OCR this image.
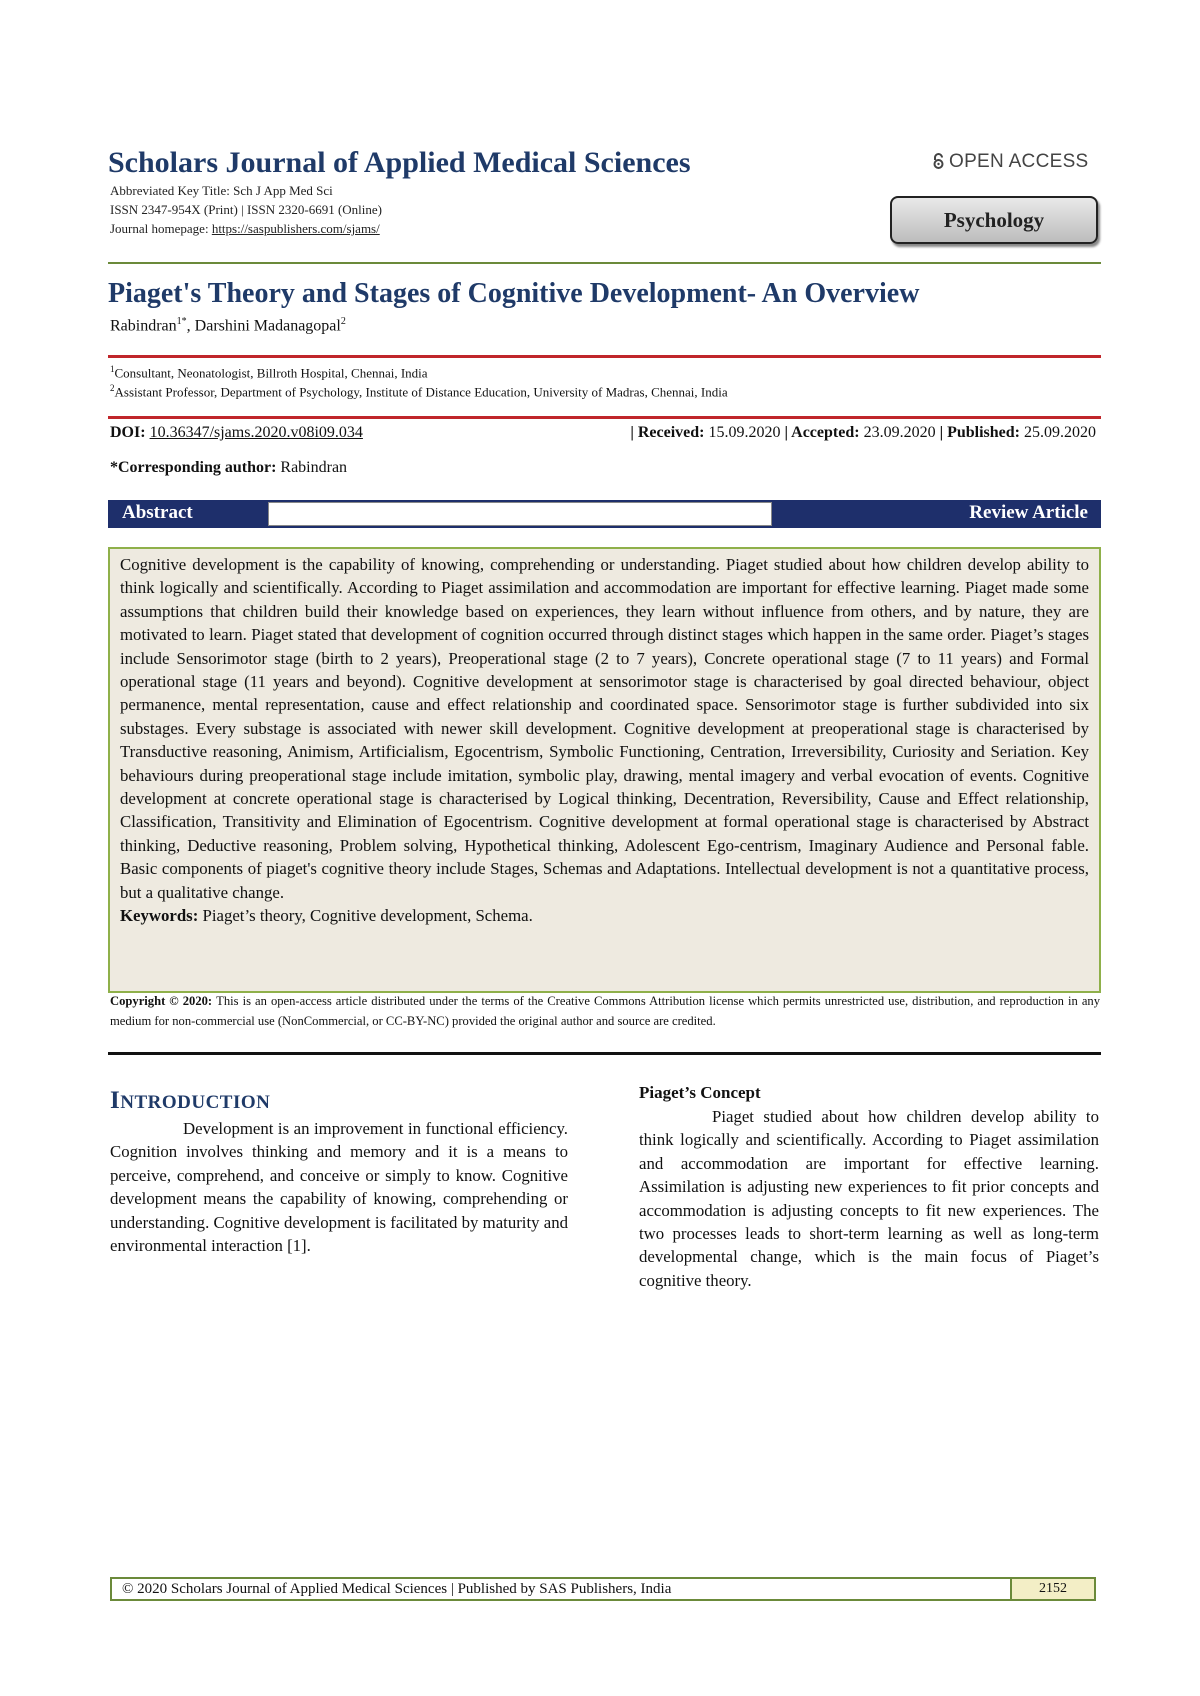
Scholars Journal of Applied Medical Sciences
Abbreviated Key Title: Sch J App Med Sci
ISSN 2347-954X (Print) | ISSN 2320-6691 (Online)
Journal homepage: https://saspublishers.com/sjams/
OPEN ACCESS
Psychology
Piaget's Theory and Stages of Cognitive Development- An Overview
Rabindran$^{1*}$, Darshini Madanagopal$^2$
$^1$Consultant, Neonatologist, Billroth Hospital, Chennai, India
$^2$Assistant Professor, Department of Psychology, Institute of Distance Education, University of Madras, Chennai, India
DOI: 10.36347/sjams.2020.v08i09.034	| Received: 15.09.2020 | Accepted: 23.09.2020 | Published: 25.09.2020
*Corresponding author: Rabindran
Abstract	Review Article

Cognitive development is the capability of knowing, comprehending or understanding. Piaget studied about how children develop ability to think logically and scientifically. According to Piaget assimilation and accommodation are important for effective learning. Piaget made some assumptions that children build their knowledge based on experiences, they learn without influence from others, and by nature, they are motivated to learn. Piaget stated that development of cognition occurred through distinct stages which happen in the same order. Piaget’s stages include Sensorimotor stage (birth to 2 years), Preoperational stage (2 to 7 years), Concrete operational stage (7 to 11 years) and Formal operational stage (11 years and beyond). Cognitive development at sensorimotor stage is characterised by goal directed behaviour, object permanence, mental representation, cause and effect relationship and coordinated space. Sensorimotor stage is further subdivided into six substages. Every substage is associated with newer skill development. Cognitive development at preoperational stage is characterised by Transductive reasoning, Animism, Artificialism, Egocentrism, Symbolic Functioning, Centration, Irreversibility, Curiosity and Seriation. Key behaviours during preoperational stage include imitation, symbolic play, drawing, mental imagery and verbal evocation of events. Cognitive development at concrete operational stage is characterised by Logical thinking, Decentration, Reversibility, Cause and Effect relationship, Classification, Transitivity and Elimination of Egocentrism. Cognitive development at formal operational stage is characterised by Abstract thinking, Deductive reasoning, Problem solving, Hypothetical thinking, Adolescent Ego-centrism, Imaginary Audience and Personal fable. Basic components of piaget's cognitive theory include Stages, Schemas and Adaptations. Intellectual development is not a quantitative process, but a qualitative change.

Keywords: Piaget’s theory, Cognitive development, Schema.

Copyright © 2020: This is an open-access article distributed under the terms of the Creative Commons Attribution license which permits unrestricted use, distribution, and reproduction in any medium for non-commercial use (NonCommercial, or CC-BY-NC) provided the original author and source are credited.
INTRODUCTION

Development is an improvement in functional efficiency. Cognition involves thinking and memory and it is a means to perceive, comprehend, and conceive or simply to know. Cognitive development means the capability of knowing, comprehending or understanding. Cognitive development is facilitated by maturity and environmental interaction [1].

Piaget’s Concept

Piaget studied about how children develop ability to think logically and scientifically. According to Piaget assimilation and accommodation are important for effective learning. Assimilation is adjusting new experiences to fit prior concepts and accommodation is adjusting concepts to fit new experiences. The two processes leads to short-term learning as well as long-term developmental change, which is the main focus of Piaget’s cognitive theory.

© 2020 Scholars Journal of Applied Medical Sciences | Published by SAS Publishers, India	2152
